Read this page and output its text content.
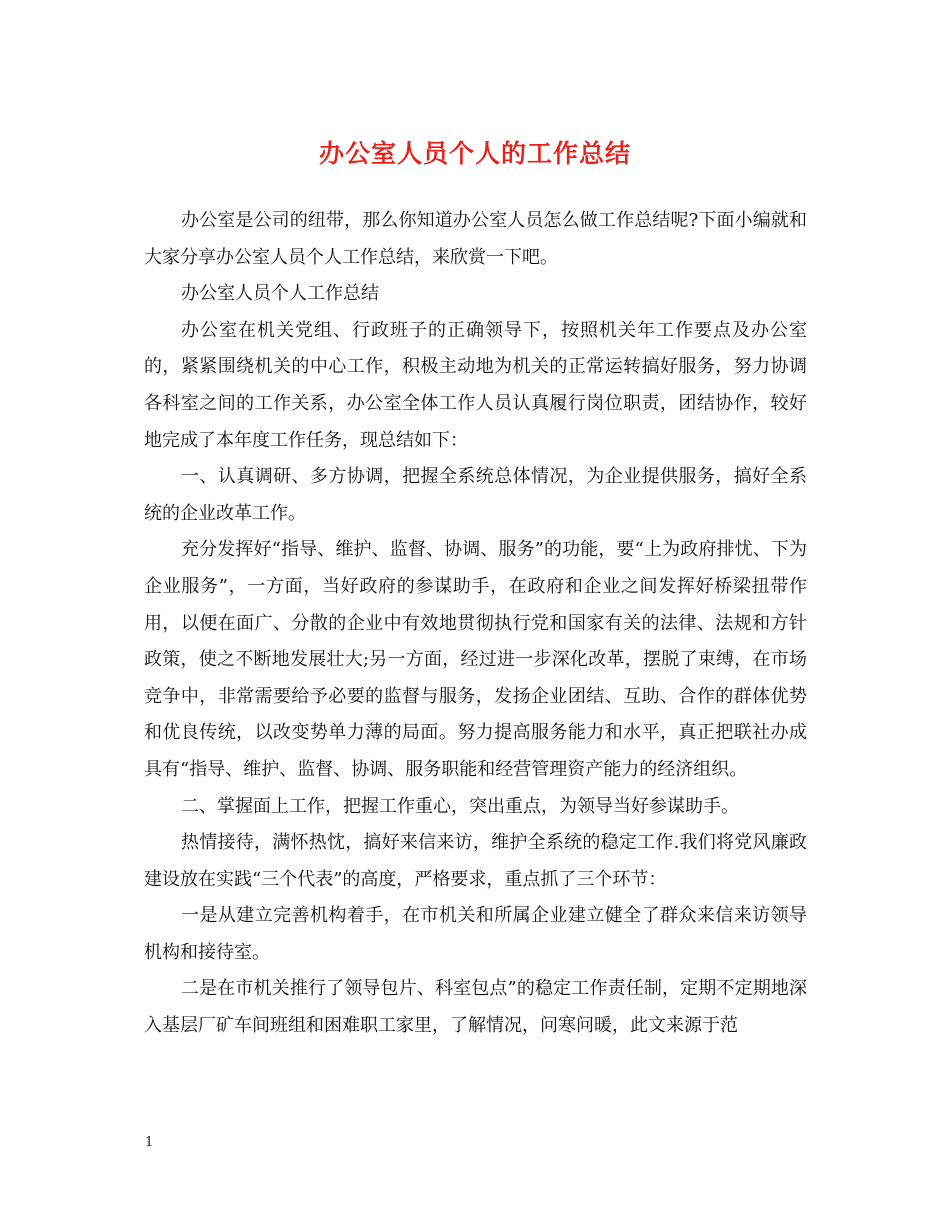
办公室人员个人的工作总结

办公室是公司的纽带，那么你知道办公室人员怎么做工作总结呢?下面小编就和大家分享办公室人员个人工作总结，来欣赏一下吧。

办公室人员个人工作总结

办公室在机关党组、行政班子的正确领导下，按照机关年工作要点及办公室的，紧紧围绕机关的中心工作，积极主动地为机关的正常运转搞好服务，努力协调各科室之间的工作关系，办公室全体工作人员认真履行岗位职责，团结协作，较好地完成了本年度工作任务，现总结如下：

一、认真调研、多方协调，把握全系统总体情况，为企业提供服务，搞好全系统的企业改革工作。

充分发挥好“指导、维护、监督、协调、服务”的功能，要“上为政府排忧、下为企业服务”，一方面，当好政府的参谋助手，在政府和企业之间发挥好桥梁扭带作用，以便在面广、分散的企业中有效地贯彻执行党和国家有关的法律、法规和方针政策，使之不断地发展壮大;另一方面，经过进一步深化改革，摆脱了束缚，在市场竞争中，非常需要给予必要的监督与服务，发扬企业团结、互助、合作的群体优势和优良传统，以改变势单力薄的局面。努力提高服务能力和水平，真正把联社办成具有“指导、维护、监督、协调、服务职能和经营管理资产能力的经济组织。

二、掌握面上工作，把握工作重心，突出重点，为领导当好参谋助手。

热情接待，满怀热忱，搞好来信来访，维护全系统的稳定工作.我们将党风廉政建设放在实践“三个代表”的高度，严格要求，重点抓了三个环节：

一是从建立完善机构着手，在市机关和所属企业建立健全了群众来信来访领导机构和接待室。

二是在市机关推行了领导包片、科室包点”的稳定工作责任制，定期不定期地深入基层厂矿车间班组和困难职工家里，了解情况，问寒问暖，此文来源于范

1
